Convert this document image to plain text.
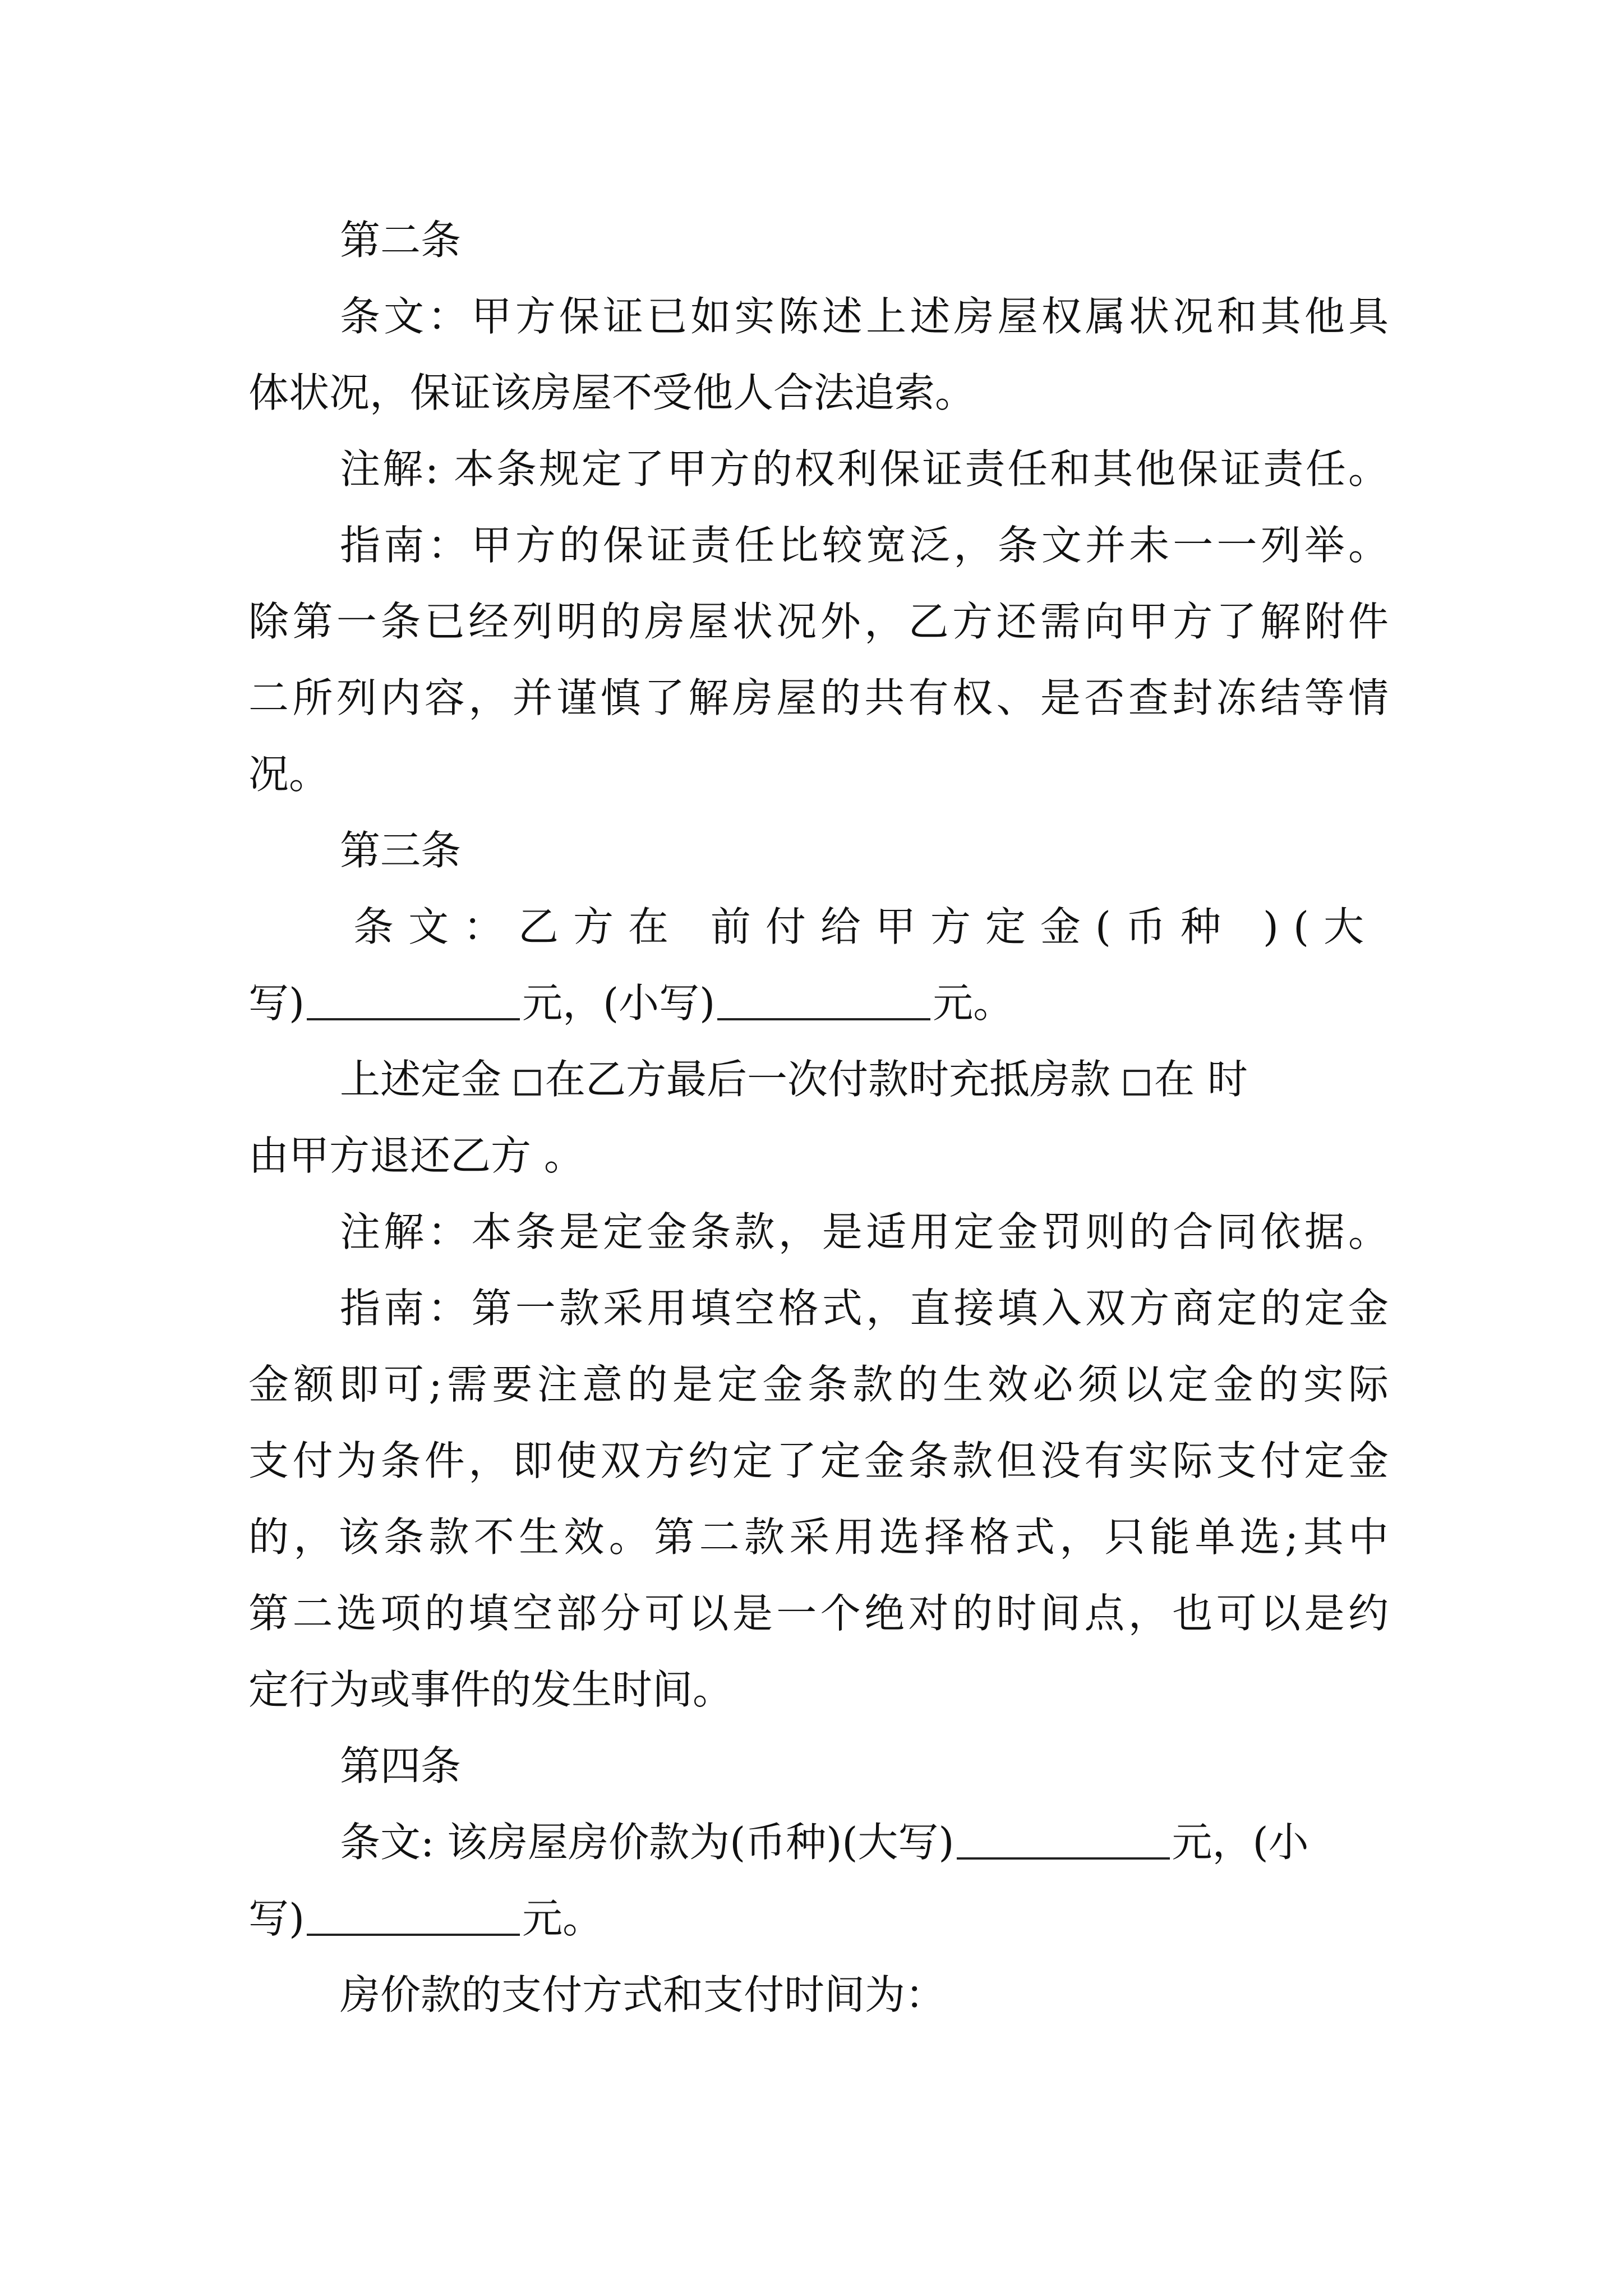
第二条
条文：甲方保证已如实陈述上述房屋权属状况和其他具
体状况，保证该房屋不受他人合法追索。
注解: 本条规定了甲方的权利保证责任和其他保证责任。
指南：甲方的保证责任比较宽泛，条文并未一一列举。
除第一条已经列明的房屋状况外，乙方还需向甲方了解附件
二所列内容，并谨慎了解房屋的共有权、是否查封冻结等情
况。
第三条
条文：乙方在 前付给甲方定金(币种 )(大
写)	元，(小写)	元。
上述定金 在乙方最后一次付款时充抵房款 在 时
由甲方退还乙方 。
注解：本条是定金条款，是适用定金罚则的合同依据。
指南：第一款采用填空格式，直接填入双方商定的定金
金额即可;需要注意的是定金条款的生效必须以定金的实际
支付为条件，即使双方约定了定金条款但没有实际支付定金
的，该条款不生效。第二款采用选择格式，只能单选;其中
第二选项的填空部分可以是一个绝对的时间点，也可以是约
定行为或事件的发生时间。
第四条
条文: 该房屋房价款为(币种)(大写)	元，(小
写)	元。
房价款的支付方式和支付时间为：
